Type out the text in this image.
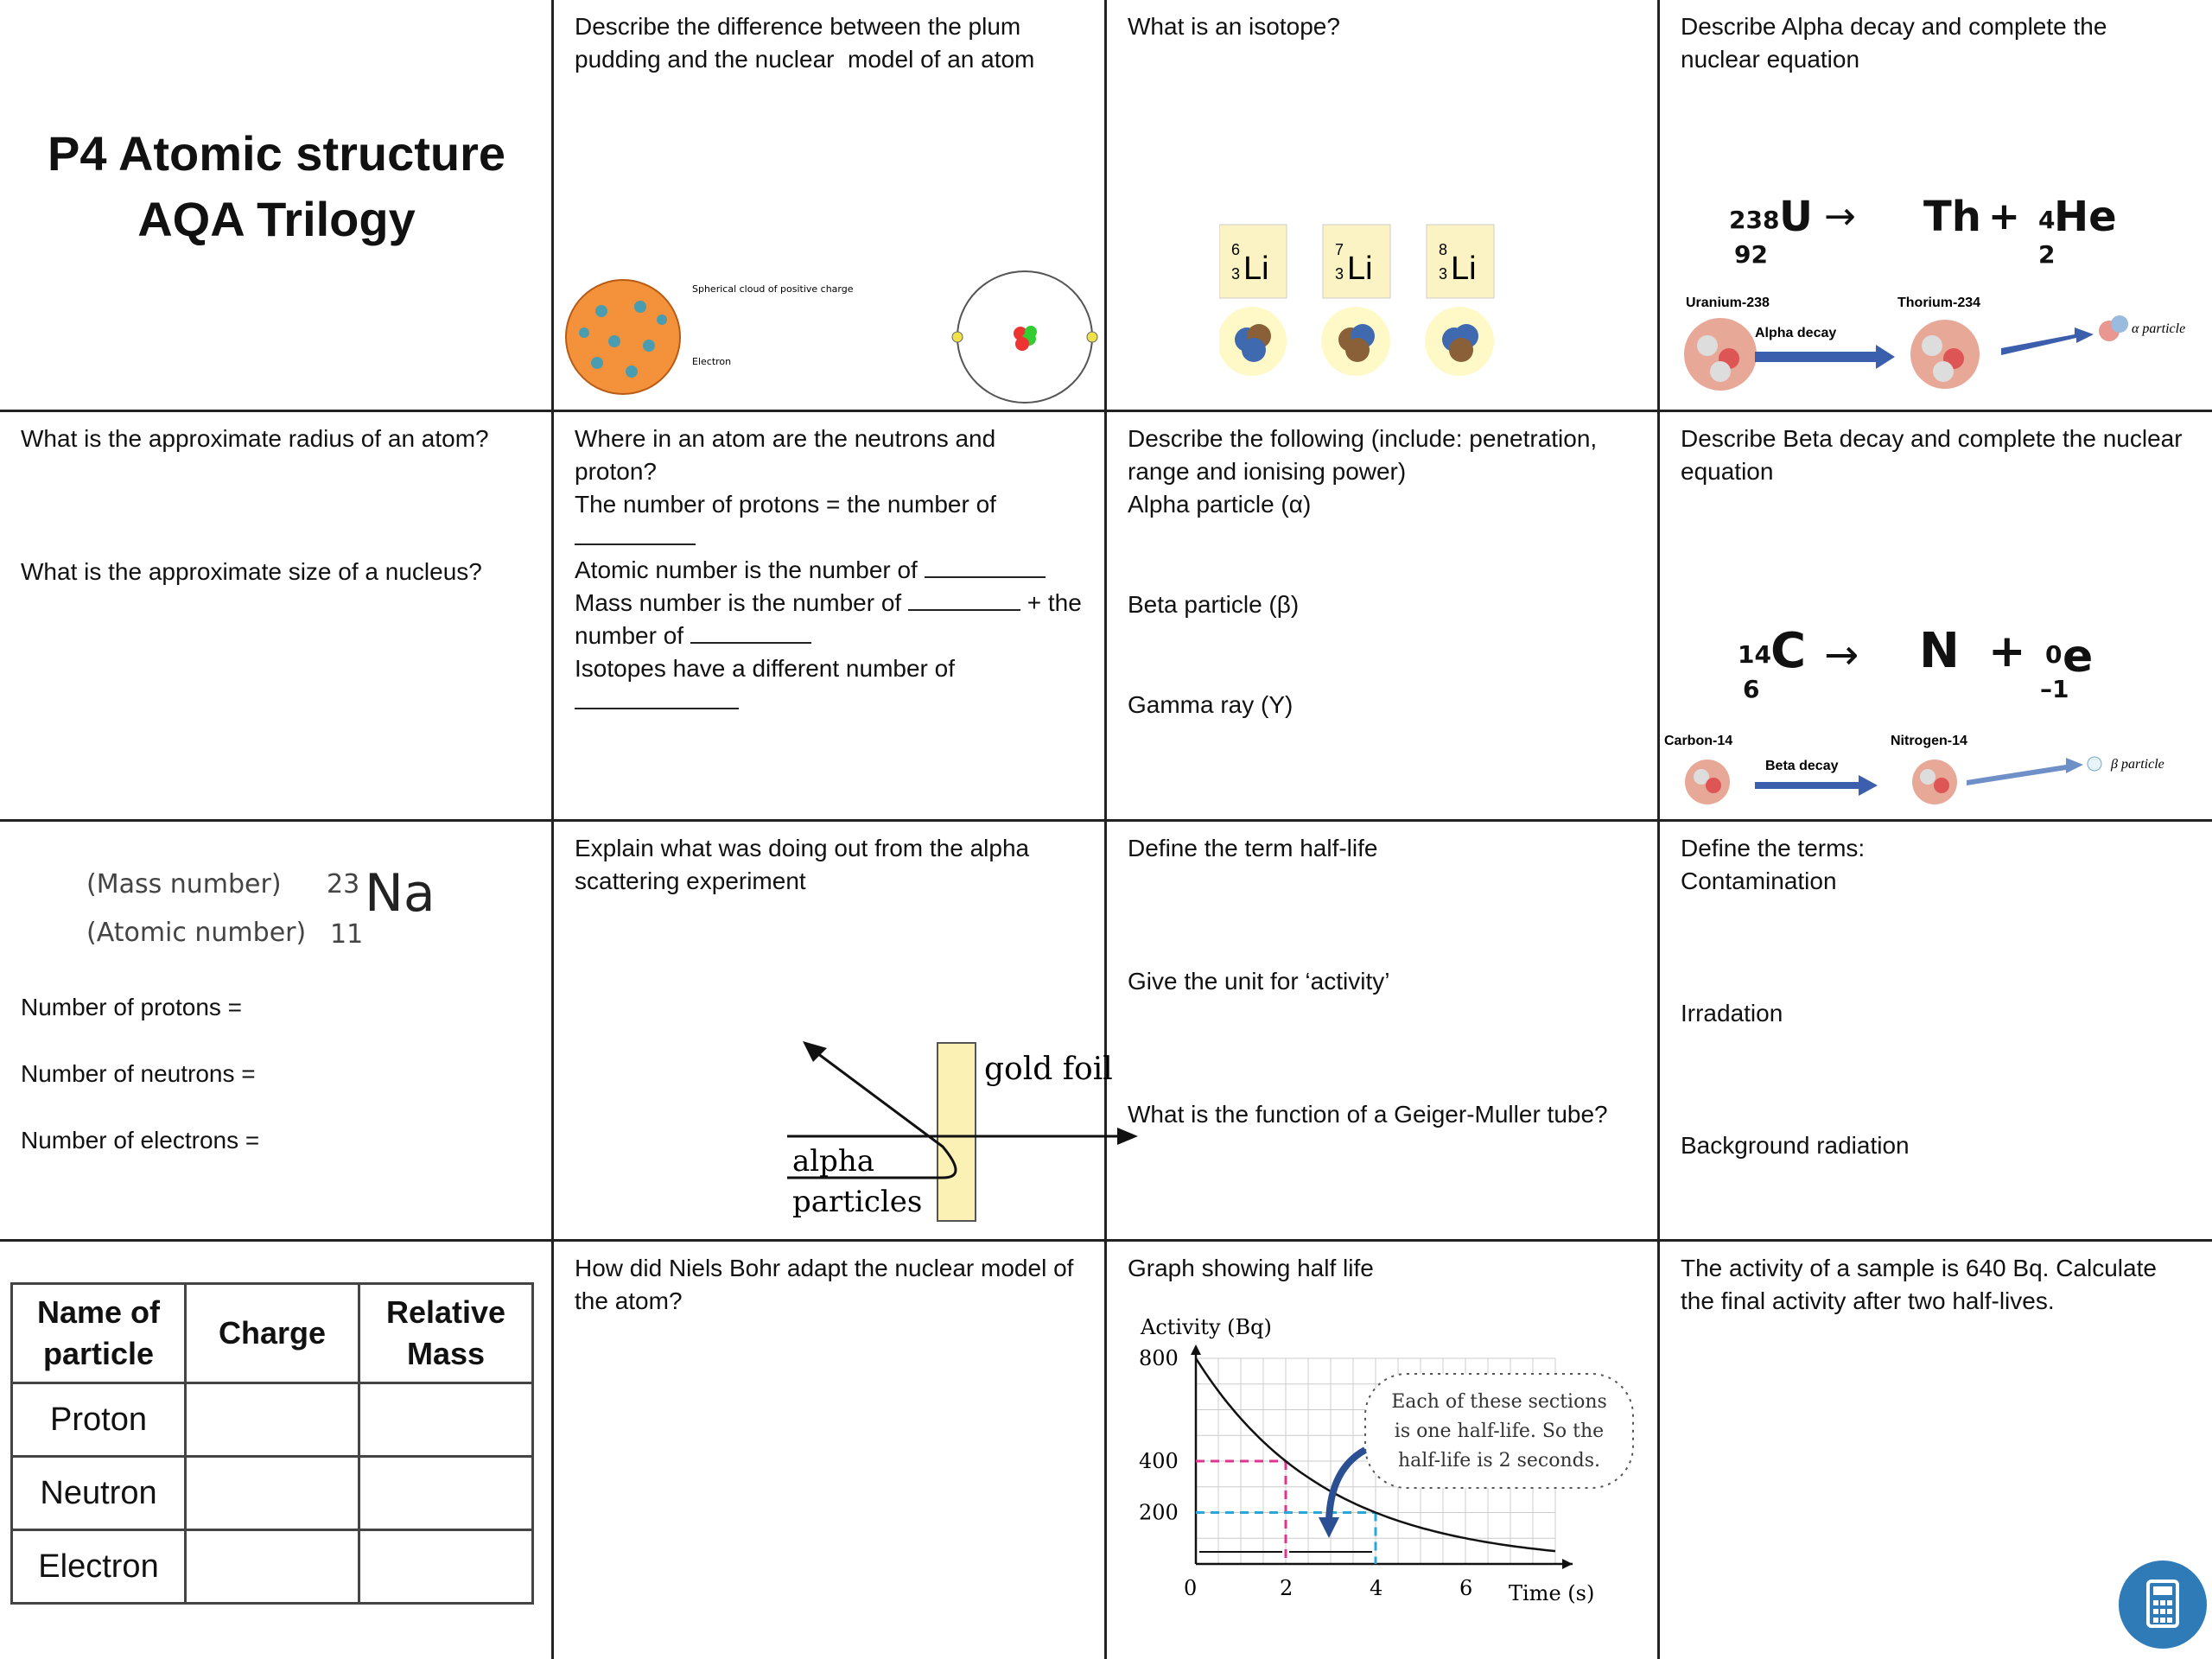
P4 Atomic structure
AQA Trilogy
Describe the difference between the plum pudding and the nuclear  model of an atom
Spherical cloud of positive charge
Electron
What is an isotope?
6
3 Li
7
3 Li
8
3 Li
Describe Alpha decay and complete the nuclear equation
238
92
U → Th + 4
2
He
Uranium-238
Alpha decay
Thorium-234
α particle
What is the approximate radius of an atom?
What is the approximate size of a nucleus?
Where in an atom are the neutrons and proton?
The number of protons = the number of
Atomic number is the number of
Mass number is the number of	+ the number of
Isotopes have a different number of
Describe the following (include: penetration, range and ionising power)
Alpha particle (α)
Beta particle (β)
Gamma ray (Y)
Describe Beta decay and complete the nuclear equation
14
6
C → N + 0
–1
e
Carbon-14
Beta decay
Nitrogen-14
β particle
(Mass number) 23
(Atomic number) 11
Na
Number of protons =
Number of neutrons =
Number of electrons =
Explain what was doing out from the alpha scattering experiment
gold foil
alpha
particles
Define the term half-life
Give the unit for ‘activity’
What is the function of a Geiger-Muller tube?
Define the terms:
Contamination
Irradation
Background radiation
Name of particle	Charge	Relative Mass
Proton		
Neutron		
Electron		
How did Niels Bohr adapt the nuclear model of the atom?
Graph showing half life
Activity (Bq)
Time (s)
0	2	4	6
200
400
800
Each of these sections is one half-life. So the half-life is 2 seconds.
The activity of a sample is 640 Bq. Calculate the final activity after two half-lives.
